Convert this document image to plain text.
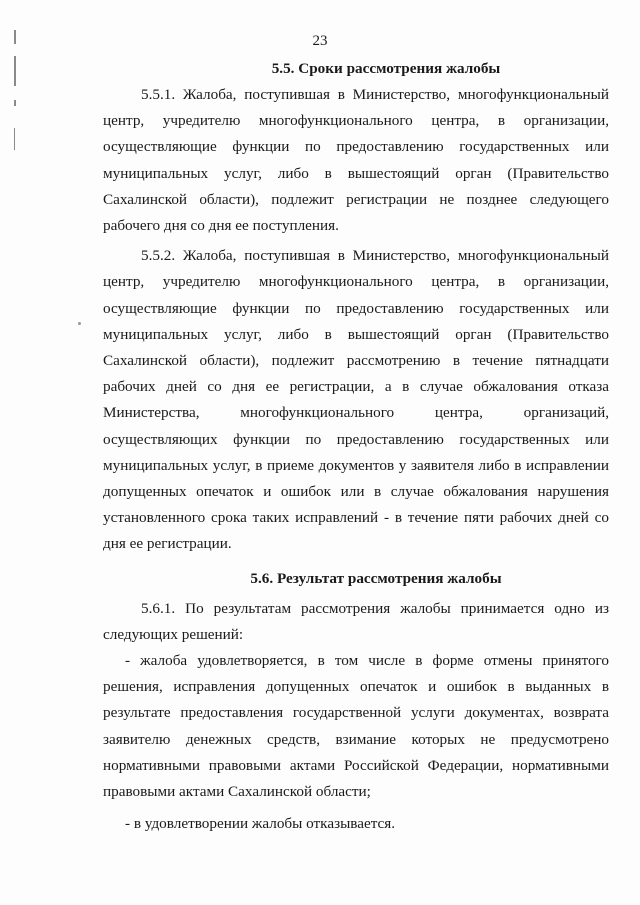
23

5.5. Сроки рассмотрения жалобы

5.5.1. Жалоба, поступившая в Министерство, многофункциональный центр, учредителю многофункционального центра, в организации, осуществляющие функции по предоставлению государственных или муниципальных услуг, либо в вышестоящий орган (Правительство Сахалинской области), подлежит регистрации не позднее следующего рабочего дня со дня ее поступления.

5.5.2. Жалоба, поступившая в Министерство, многофункциональный центр, учредителю многофункционального центра, в организации, осуществляющие функции по предоставлению государственных или муниципальных услуг, либо в вышестоящий орган (Правительство Сахалинской области), подлежит рассмотрению в течение пятнадцати рабочих дней со дня ее регистрации, а в случае обжалования отказа Министерства, многофункционального центра, организаций, осуществляющих функции по предоставлению государственных или муниципальных услуг, в приеме документов у заявителя либо в исправлении допущенных опечаток и ошибок или в случае обжалования нарушения установленного срока таких исправлений - в течение пяти рабочих дней со дня ее регистрации.

5.6. Результат рассмотрения жалобы

5.6.1. По результатам рассмотрения жалобы принимается одно из следующих решений:

- жалоба удовлетворяется, в том числе в форме отмены принятого решения, исправления допущенных опечаток и ошибок в выданных в результате предоставления государственной услуги документах, возврата заявителю денежных средств, взимание которых не предусмотрено нормативными правовыми актами Российской Федерации, нормативными правовыми актами Сахалинской области;

- в удовлетворении жалобы отказывается.
